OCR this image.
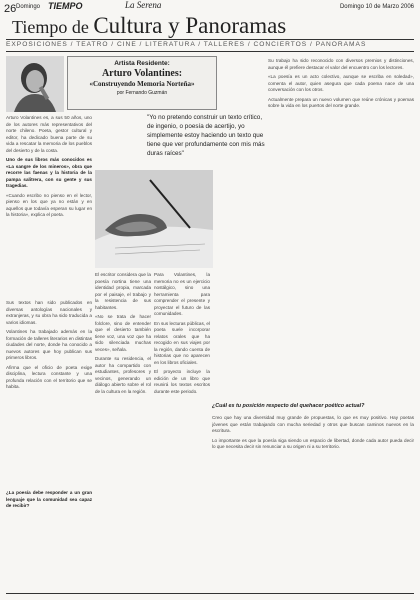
26 Domingo TIEMPO	La Serena	Domingo 10 de Marzo 2006
Tiempo de Cultura y Panoramas
EXPOSICIONES / TEATRO / CINE / LITERATURA / TALLERES / CONCIERTOS / PANORAMAS
Artista Residente:
Arturo Volantines:
«Construyendo Memoria Norteña»
por Fernando Guzmán
"Yo no pretendo construir un texto crítico, de ingenio, o poesía de acertijo, yo simplemente estoy haciendo un texto que tiene que ver profundamente con mis más duras raíces"

Arturo Volantines es, a sus 50 años, uno de los autores más representativos del norte chileno. Poeta, gestor cultural y editor, ha dedicado buena parte de su vida a rescatar la memoria de los pueblos del desierto y de la costa.

Uno de sus libros más conocidos es «La sangre de los mineros», obra que recorre las faenas y la historia de la pampa salitrera, con su gente y sus tragedias.

«Cuando escribo no pienso en el lector, pienso en los que ya no están y en aquellos que todavía esperan su lugar en la historia», explica el poeta.

Sus textos han sido publicados en diversas antologías nacionales y extranjeras, y su obra ha sido traducida a varios idiomas.

Volantines ha trabajado además en la formación de talleres literarios en distintas ciudades del norte, donde ha conocido a nuevos autores que hoy publican sus primeros libros.

Afirma que el oficio de poeta exige disciplina, lectura constante y una profunda relación con el territorio que se habita.

¿La poesía debe responder a un gran lenguaje que la comunidad sea capaz de recibir?

El escritor considera que la poesía nortina tiene una identidad propia, marcada por el paisaje, el trabajo y la resistencia de sus habitantes.

«No se trata de hacer folclore, sino de entender que el desierto también tiene voz, una voz que ha sido silenciada muchas veces», señala.

Durante su residencia, el autor ha compartido con estudiantes, profesores y vecinos, generando un diálogo abierto sobre el rol de la cultura en la región.

Para Volantines, la memoria no es un ejercicio nostálgico, sino una herramienta para comprender el presente y proyectar el futuro de las comunidades.

En sus lecturas públicas, el poeta suele incorporar relatos orales que ha recogido en sus viajes por la región, dando cuenta de historias que no aparecen en los libros oficiales.

El proyecto incluye la edición de un libro que reunirá los textos escritos durante este periodo.

Su trabajo ha sido reconocido con diversos premios y distinciones, aunque él prefiere destacar el valor del encuentro con los lectores.

«La poesía es un acto colectivo, aunque se escriba en soledad», comenta el autor, quien asegura que cada poema nace de una conversación con los otros.

Actualmente prepara un nuevo volumen que reúne crónicas y poemas sobre la vida en los puertos del norte grande.

¿Cuál es tu posición respecto del quehacer poético actual?

Creo que hay una diversidad muy grande de propuestas, lo que es muy positivo. Hay poetas jóvenes que están trabajando con mucha seriedad y otros que buscan caminos nuevos en la escritura.

Lo importante es que la poesía siga siendo un espacio de libertad, donde cada autor pueda decir lo que necesita decir sin renunciar a su origen ni a su territorio.
